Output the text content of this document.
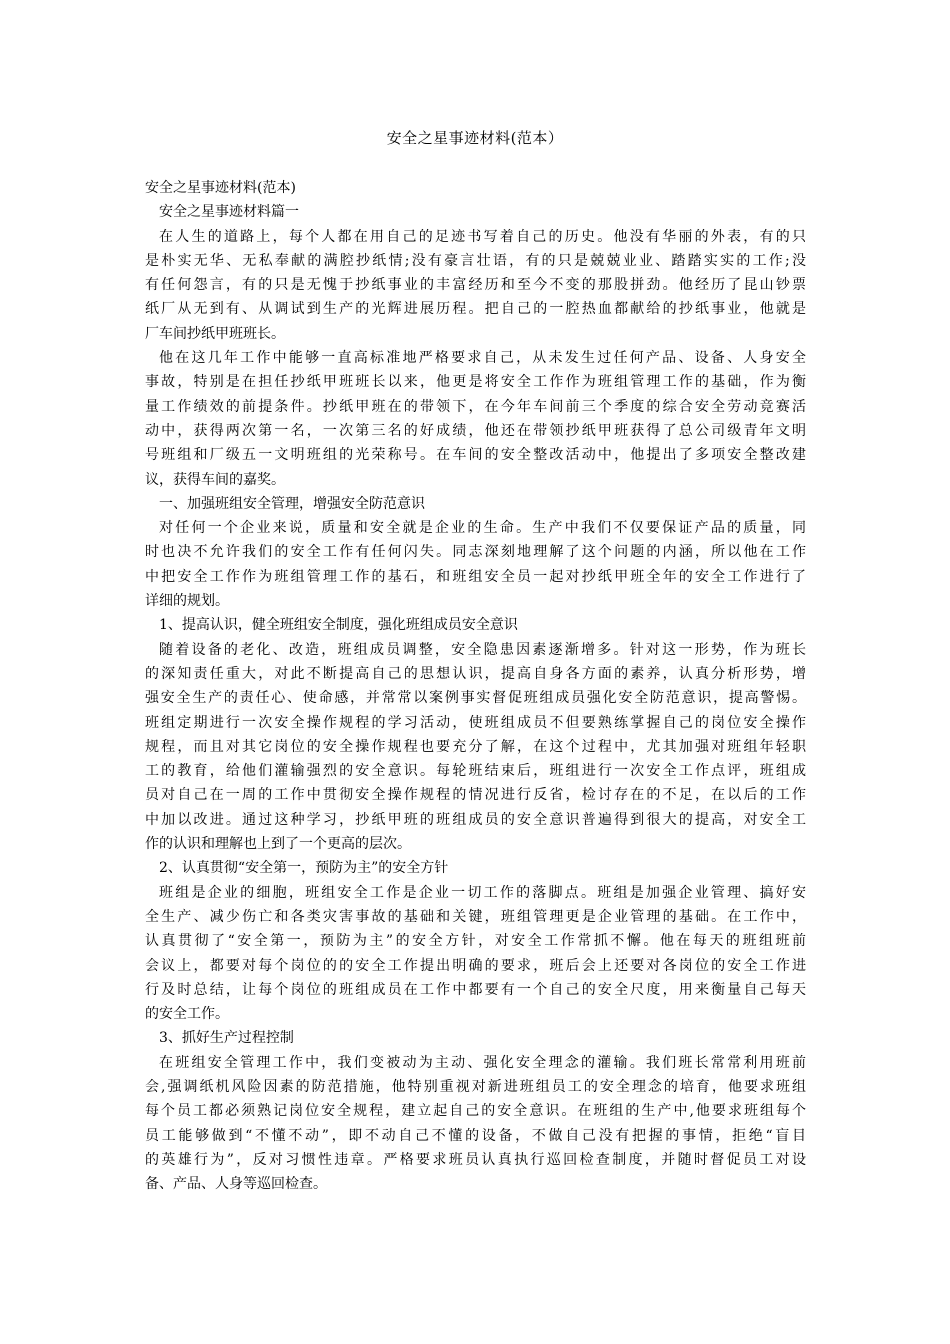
安全之星事迹材料(范本）
安全之星事迹材料(范本)
安全之星事迹材料篇一
在人生的道路上，每个人都在用自己的足迹书写着自己的历史。他没有华丽的外表，有的只
是朴实无华、无私奉献的满腔抄纸情;没有豪言壮语，有的只是兢兢业业、踏踏实实的工作;没
有任何怨言，有的只是无愧于抄纸事业的丰富经历和至今不变的那股拼劲。他经历了昆山钞票
纸厂从无到有、从调试到生产的光辉进展历程。把自己的一腔热血都献给的抄纸事业，他就是
厂车间抄纸甲班班长。
他在这几年工作中能够一直高标准地严格要求自己，从未发生过任何产品、设备、人身安全
事故，特别是在担任抄纸甲班班长以来，他更是将安全工作作为班组管理工作的基础，作为衡
量工作绩效的前提条件。抄纸甲班在的带领下，在今年车间前三个季度的综合安全劳动竞赛活
动中，获得两次第一名，一次第三名的好成绩，他还在带领抄纸甲班获得了总公司级青年文明
号班组和厂级五一文明班组的光荣称号。在车间的安全整改活动中，他提出了多项安全整改建
议，获得车间的嘉奖。
一、加强班组安全管理，增强安全防范意识
对任何一个企业来说，质量和安全就是企业的生命。生产中我们不仅要保证产品的质量，同
时也决不允许我们的安全工作有任何闪失。同志深刻地理解了这个问题的内涵，所以他在工作
中把安全工作作为班组管理工作的基石，和班组安全员一起对抄纸甲班全年的安全工作进行了
详细的规划。
1、提高认识，健全班组安全制度，强化班组成员安全意识
随着设备的老化、改造，班组成员调整，安全隐患因素逐渐增多。针对这一形势，作为班长
的深知责任重大，对此不断提高自己的思想认识，提高自身各方面的素养，认真分析形势，增
强安全生产的责任心、使命感，并常常以案例事实督促班组成员强化安全防范意识，提高警惕。
班组定期进行一次安全操作规程的学习活动，使班组成员不但要熟练掌握自己的岗位安全操作
规程，而且对其它岗位的安全操作规程也要充分了解，在这个过程中，尤其加强对班组年轻职
工的教育，给他们灌输强烈的安全意识。每轮班结束后，班组进行一次安全工作点评，班组成
员对自己在一周的工作中贯彻安全操作规程的情况进行反省，检讨存在的不足，在以后的工作
中加以改进。通过这种学习，抄纸甲班的班组成员的安全意识普遍得到很大的提高，对安全工
作的认识和理解也上到了一个更高的层次。
2、认真贯彻“安全第一，预防为主”的安全方针
班组是企业的细胞，班组安全工作是企业一切工作的落脚点。班组是加强企业管理、搞好安
全生产、减少伤亡和各类灾害事故的基础和关键，班组管理更是企业管理的基础。在工作中，
认真贯彻了“安全第一，预防为主”的安全方针，对安全工作常抓不懈。他在每天的班组班前
会议上，都要对每个岗位的的安全工作提出明确的要求，班后会上还要对各岗位的安全工作进
行及时总结，让每个岗位的班组成员在工作中都要有一个自己的安全尺度，用来衡量自己每天
的安全工作。
3、抓好生产过程控制
在班组安全管理工作中，我们变被动为主动、强化安全理念的灌输。我们班长常常利用班前
会,强调纸机风险因素的防范措施，他特别重视对新进班组员工的安全理念的培育，他要求班组
每个员工都必须熟记岗位安全规程，建立起自己的安全意识。在班组的生产中,他要求班组每个
员工能够做到“不懂不动”，即不动自己不懂的设备，不做自己没有把握的事情，拒绝“盲目
的英雄行为”，反对习惯性违章。严格要求班员认真执行巡回检查制度，并随时督促员工对设
备、产品、人身等巡回检查。
